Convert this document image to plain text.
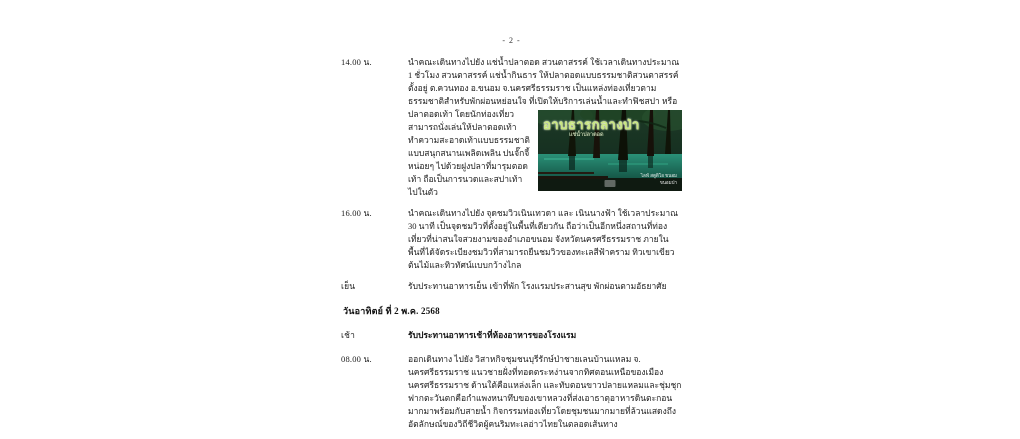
- 2 -
14.00 น.	นำคณะเดินทางไปยัง แช่น้ำปลาตอด สวนตาสรรค์ ใช้เวลาเดินทางประมาณ 1 ชั่วโมง สวนตาสรรค์ แช่น้ำกินธาร ให้ปลาตอดแบบธรรมชาติสวนตาสรรค์ ตั้งอยู่ ต.ควนทอง อ.ขนอม จ.นครศรีธรรมราช เป็นแหล่งท่องเที่ยวตามธรรมชาติสำหรับพักผ่อนหย่อนใจ ที่เปิดให้บริการเล่นน้ำและทำฟิชสปา หรือ ปลาตอดเท้า
อาบธารกลางป่า
แช่น้ำปลาตอด
ไลฟ์ สตูดิโอ ขนอม
ขนอมป่า
โดยนักท่องเที่ยวสามารถนั่งเล่นให้ปลาตอดเท้า ทำความสะอาดเท้าแบบธรรมชาติ แบบสนุกสนานเพลิดเพลิน ปนจั๊กจี้หน่อยๆ ไปด้วยฝูงปลาที่มารุมตอดเท้า ถือเป็นการนวดและสปาเท้าไปในตัว
16.00 น.	นำคณะเดินทางไปยัง จุดชมวิวเนินเทวดา และ เนินนางฟ้า ใช้เวลาประมาณ 30 นาที เป็นจุดชมวิวที่ตั้งอยู่ในพื้นที่เดียวกัน ถือว่าเป็นอีกหนึ่งสถานที่ท่องเที่ยวที่น่าสนใจสวยงามของอำเภอขนอม จังหวัดนครศรีธรรมราช ภายในพื้นที่ได้จัดระเบียงชมวิวที่สามารถยืนชมวิวของทะเลสีฟ้าคราม ทิวเขาเขียวต้นไม้และทิวทัศน์แบบกว้างไกล
เย็น	รับประทานอาหารเย็น เข้าที่พัก โรงแรมประสานสุข พักผ่อนตามอัธยาศัย
วันอาทิตย์ ที่ 2 พ.ค. 2568
เช้า	รับประทานอาหารเช้าที่ห้องอาหารของโรงแรม
08.00 น.	ออกเดินทาง ไปยัง วิสาหกิจชุมชนบุรีรักษ์ป่าชายเลนบ้านแหลม จ. นครศรีธรรมราช แนวชายฝั่งที่ทอดตระหง่านจากทิศตอนเหนือของเมืองนครศรีธรรมราช ด้านใต้คือแหล่งเล็ก และทับตอนขาวปลายแหลมและชุ่มชุก ฟากตะวันตกคือกำแพงหนาทึบของเขาหลวงที่ส่งเอาธาตุอาหารดินตะกอนมากมาพร้อมกับสายน้ำ กิจกรรมท่องเที่ยวโดยชุมชนมากมายที่ล้วนแสดงถึงอัตลักษณ์ของวิถีชีวิตผู้คนริมทะเลอ่าวไทยในตลอดเส้นทาง
